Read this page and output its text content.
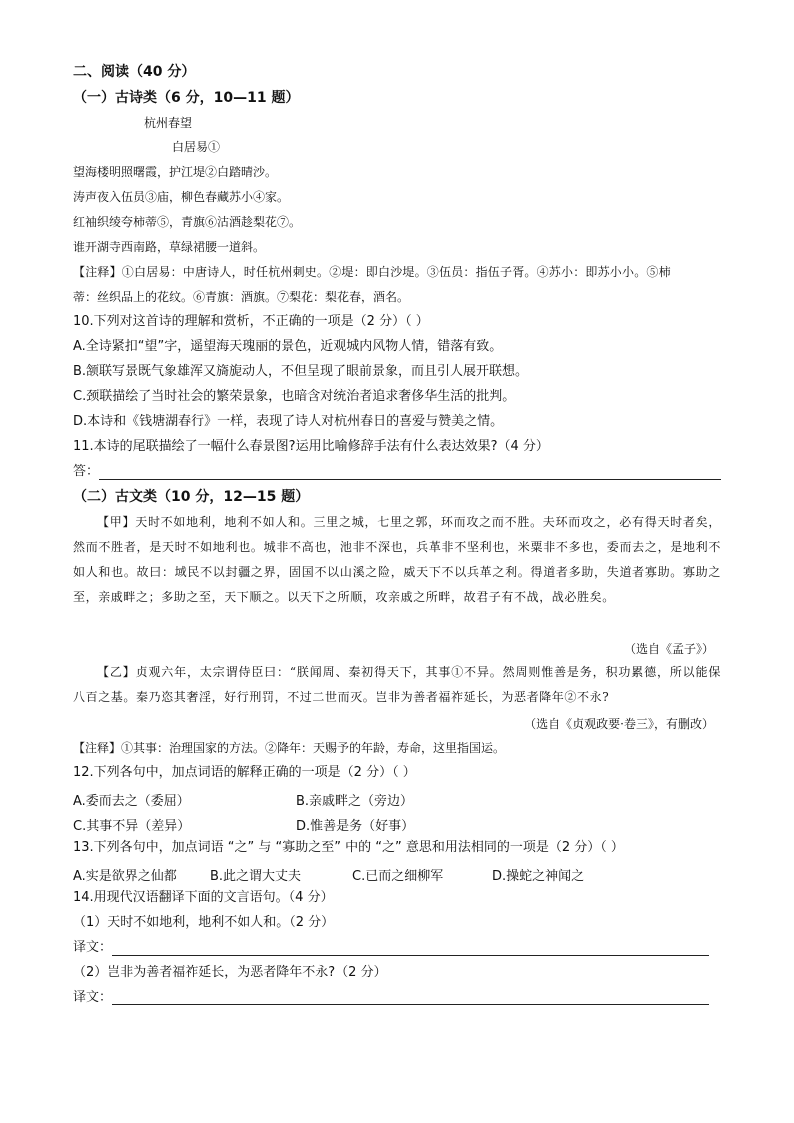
二、阅读（40 分）
（一）古诗类（6 分，10—11 题）
杭州春望
白居易①
望海楼明照曙霞，护江堤②白踏晴沙。
涛声夜入伍员③庙，柳色春藏苏小④家。
红袖织绫夸柿蒂⑤，青旗⑥沽酒趁梨花⑦。
谁开湖寺西南路，草绿裙腰一道斜。
【注释】①白居易：中唐诗人，时任杭州刺史。②堤：即白沙堤。③伍员：指伍子胥。④苏小：即苏小小。⑤柿
蒂：丝织品上的花纹。⑥青旗：酒旗。⑦梨花：梨花春，酒名。
10.下列对这首诗的理解和赏析，不正确的一项是（2 分）（ ）
A.全诗紧扣“望”字，遥望海天瑰丽的景色，近观城内风物人情，错落有致。
B.颔联写景既气象雄浑又旖旎动人，不但呈现了眼前景象，而且引人展开联想。
C.颈联描绘了当时社会的繁荣景象，也暗含对统治者追求奢侈华生活的批判。
D.本诗和《钱塘湖春行》一样，表现了诗人对杭州春日的喜爱与赞美之情。
11.本诗的尾联描绘了一幅什么春景图?运用比喻修辞手法有什么表达效果?（4 分）
答：
（二）古文类（10 分，12—15 题）

【甲】天时不如地利，地利不如人和。三里之城，七里之郭，环而攻之而不胜。夫环而攻之，必有得天时者矣，然而不胜者，是天时不如地利也。城非不高也，池非不深也，兵革非不坚利也，米粟非不多也，委而去之，是地利不如人和也。故曰：域民不以封疆之界，固国不以山溪之险，威天下不以兵革之利。得道者多助，失道者寡助。寡助之至，亲戚畔之；多助之至，天下顺之。以天下之所顺，攻亲戚之所畔，故君子有不战，战必胜矣。

（选自《孟子》）

【乙】贞观六年，太宗谓侍臣曰：“朕闻周、秦初得天下，其事①不异。然周则惟善是务，积功累德，所以能保八百之基。秦乃恣其奢淫，好行刑罚，不过二世而灭。岂非为善者福祚延长，为恶者降年②不永?

（选自《贞观政要·卷三》，有删改）
【注释】①其事：治理国家的方法。②降年：天赐予的年龄，寿命，这里指国运。
12.下列各句中，加点词语的解释正确的一项是（2 分）（ ）
A.委而去之（委屈）	B.亲戚畔之（旁边）
C.其事不异（差异）	D.惟善是务（好事）
13.下列各句中，加点词语 “之” 与 “寡助之至” 中的 “之” 意思和用法相同的一项是（2 分）（ ）
A.实是欲界之仙都	B.此之谓大丈夫	C.已而之细柳军	D.操蛇之神闻之
14.用现代汉语翻译下面的文言语句。（4 分）
（1）天时不如地利，地利不如人和。（2 分）
译文：
（2）岂非为善者福祚延长，为恶者降年不永?（2 分）
译文：
